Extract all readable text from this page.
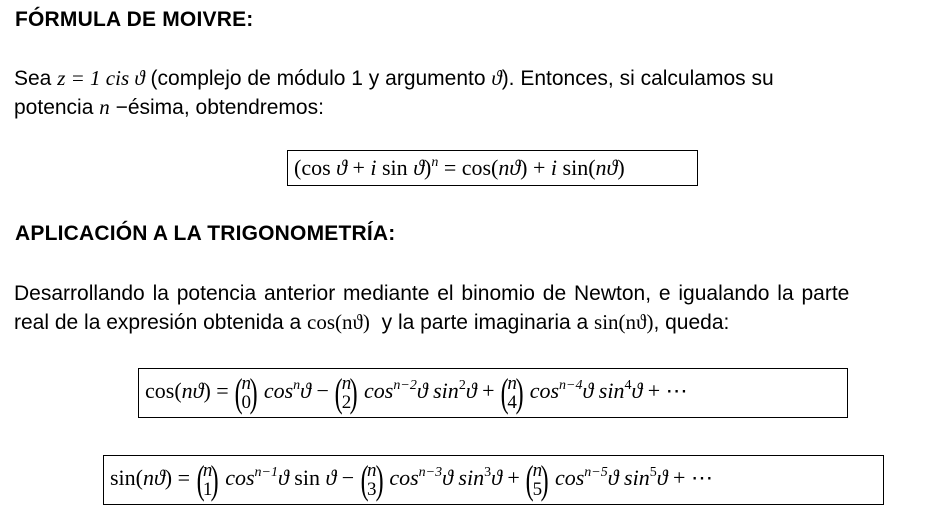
FÓRMULA DE MOIVRE:
Sea z = 1 cis ϑ (complejo de módulo 1 y argumento ϑ). Entonces, si calculamos su
potencia n −ésima, obtendremos:
(cos ϑ + i sin ϑ)$^n$ = cos(nϑ) + i sin(nϑ)
APLICACIÓN A LA TRIGONOMETRÍA:
Desarrollando la potencia anterior mediante el binomio de Newton, e igualando la parte
real de la expresión obtenida a cos(nϑ)  y la parte imaginaria a sin(nϑ), queda:
cos(nϑ) = (
n
0
) $\cos^nϑ$ − (
n
2
) $\cos^{n-2}ϑ$ $\sin^2ϑ$ + (
n
4
) $\cos^{n-4}ϑ$ $\sin^4ϑ$ + ⋯
sin(nϑ) = (
n
1
) $\cos^{n-1}ϑ$ sin ϑ − (
n
3
) $\cos^{n-3}ϑ$ $\sin^3ϑ$ + (
n
5
) $\cos^{n-5}ϑ$ $\sin^5ϑ$ + ⋯
